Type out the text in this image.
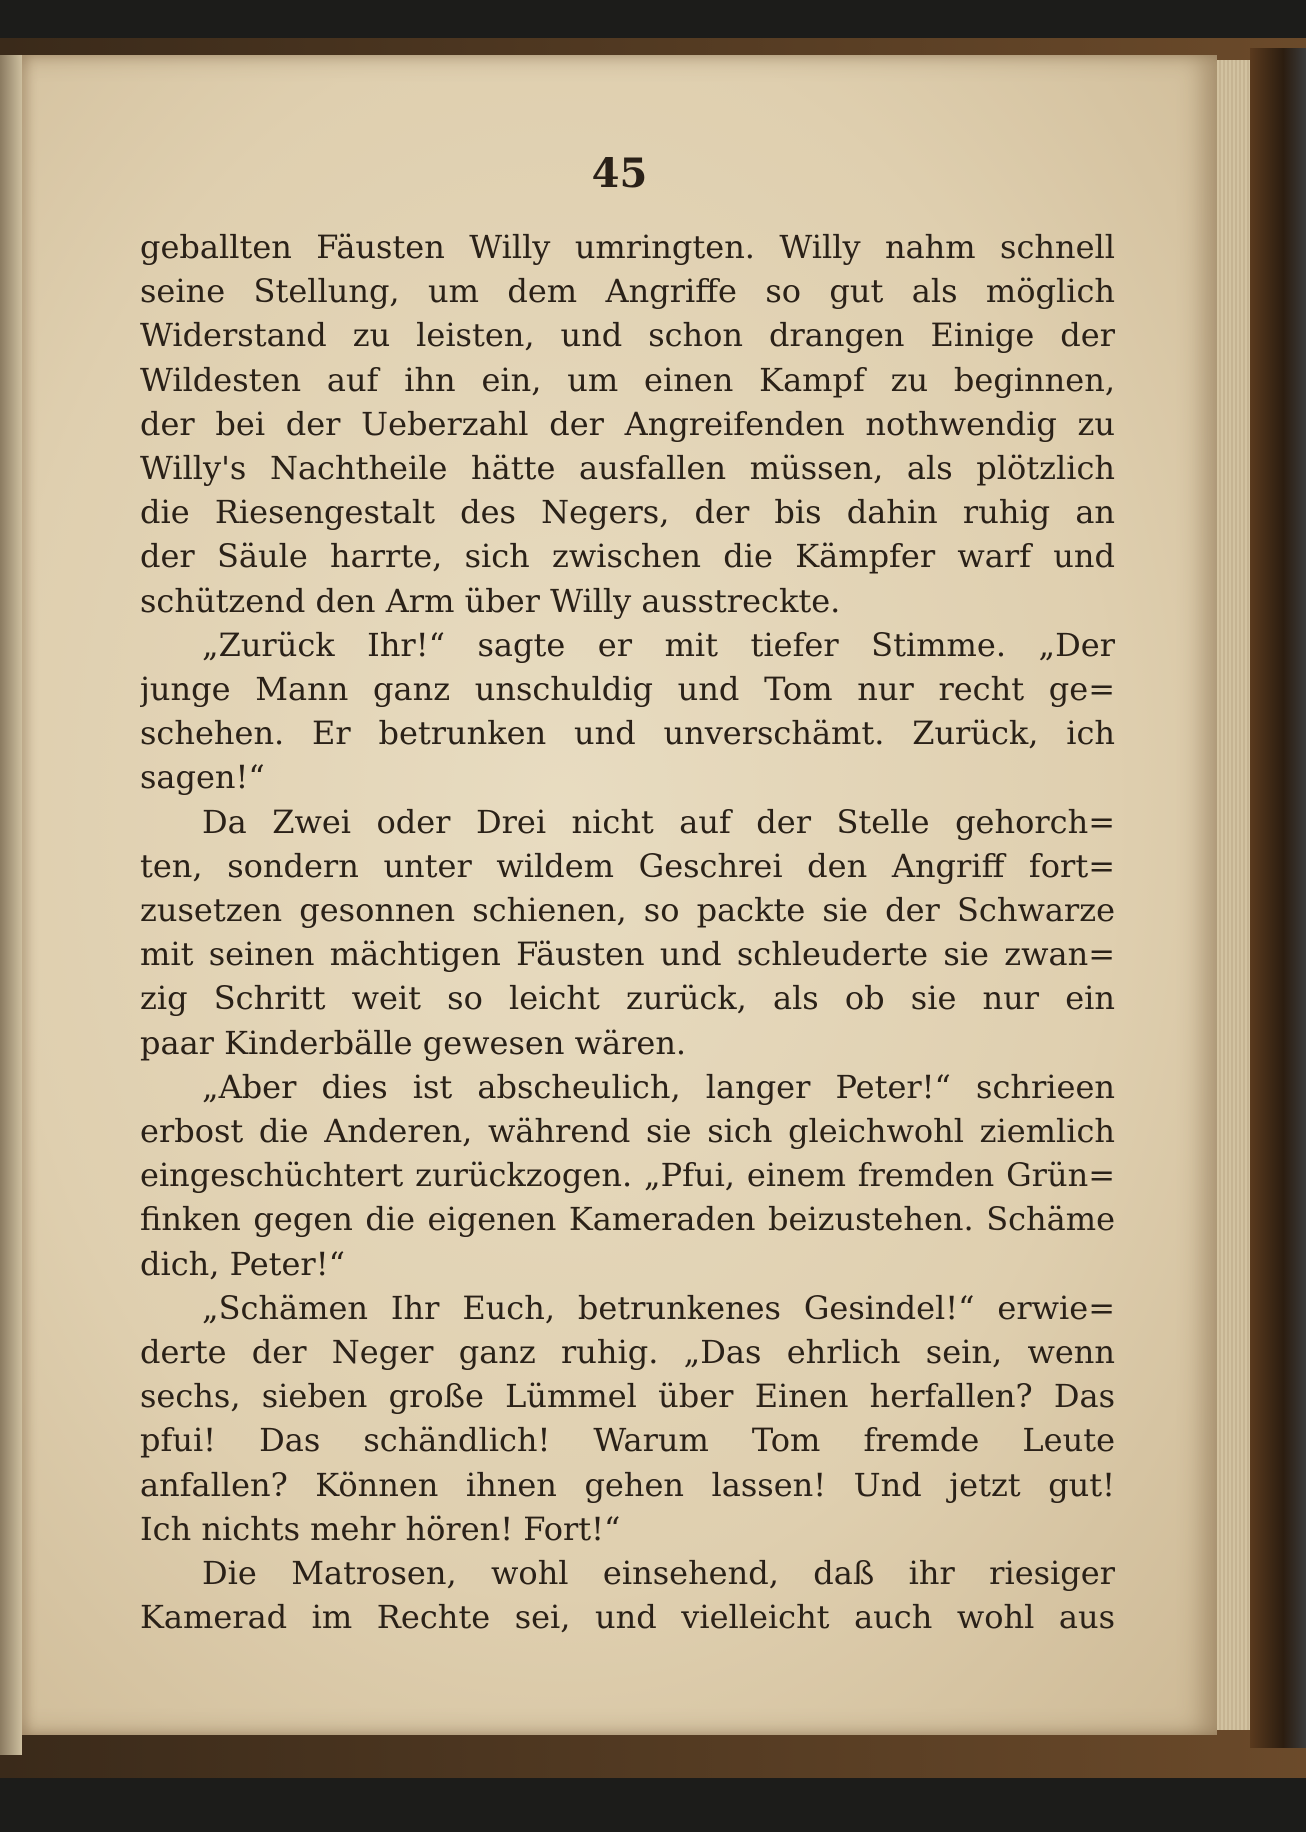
45
geballten Fäusten Willy umringten. Willy nahm schnell
seine Stellung, um dem Angriffe so gut als möglich
Widerstand zu leisten, und schon drangen Einige der
Wildesten auf ihn ein, um einen Kampf zu beginnen,
der bei der Ueberzahl der Angreifenden nothwendig zu
Willy's Nachtheile hätte ausfallen müssen, als plötzlich
die Riesengestalt des Negers, der bis dahin ruhig an
der Säule harrte, sich zwischen die Kämpfer warf und
schützend den Arm über Willy ausstreckte.
„Zurück Ihr!“ sagte er mit tiefer Stimme. „Der
junge Mann ganz unschuldig und Tom nur recht ge=
schehen. Er betrunken und unverschämt. Zurück, ich
sagen!“
Da Zwei oder Drei nicht auf der Stelle gehorch=
ten, sondern unter wildem Geschrei den Angriff fort=
zusetzen gesonnen schienen, so packte sie der Schwarze
mit seinen mächtigen Fäusten und schleuderte sie zwan=
zig Schritt weit so leicht zurück, als ob sie nur ein
paar Kinderbälle gewesen wären.
„Aber dies ist abscheulich, langer Peter!“ schrieen
erbost die Anderen, während sie sich gleichwohl ziemlich
eingeschüchtert zurückzogen. „Pfui, einem fremden Grün=
finken gegen die eigenen Kameraden beizustehen. Schäme
dich, Peter!“
„Schämen Ihr Euch, betrunkenes Gesindel!“ erwie=
derte der Neger ganz ruhig. „Das ehrlich sein, wenn
sechs, sieben große Lümmel über Einen herfallen? Das
pfui! Das schändlich! Warum Tom fremde Leute
anfallen? Können ihnen gehen lassen! Und jetzt gut!
Ich nichts mehr hören! Fort!“
Die Matrosen, wohl einsehend, daß ihr riesiger
Kamerad im Rechte sei, und vielleicht auch wohl aus
